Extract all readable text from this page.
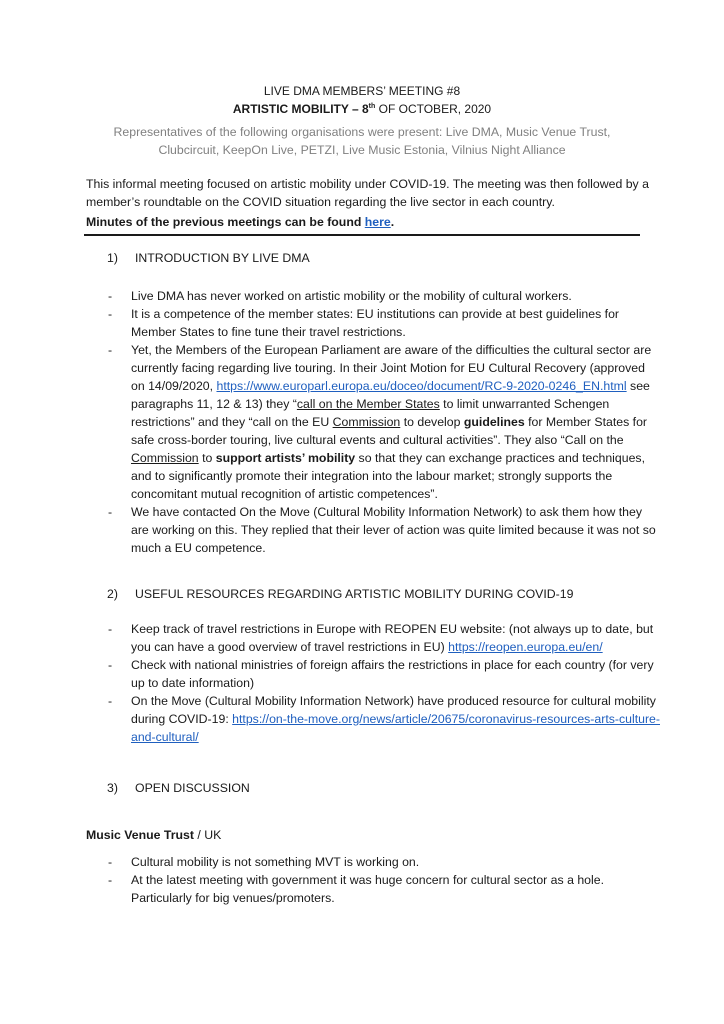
LIVE DMA MEMBERS’ MEETING #8
ARTISTIC MOBILITY – 8th OF OCTOBER, 2020
Representatives of the following organisations were present: Live DMA, Music Venue Trust, Clubcircuit, KeepOn Live, PETZI, Live Music Estonia, Vilnius Night Alliance
This informal meeting focused on artistic mobility under COVID-19. The meeting was then followed by a member’s roundtable on the COVID situation regarding the live sector in each country.
Minutes of the previous meetings can be found here.
1) INTRODUCTION BY LIVE DMA
- Live DMA has never worked on artistic mobility or the mobility of cultural workers.
- It is a competence of the member states: EU institutions can provide at best guidelines for Member States to fine tune their travel restrictions.
- Yet, the Members of the European Parliament are aware of the difficulties the cultural sector are currently facing regarding live touring. In their Joint Motion for EU Cultural Recovery (approved on 14/09/2020, https://www.europarl.europa.eu/doceo/document/RC-9-2020-0246_EN.html see paragraphs 11, 12 & 13) they “call on the Member States to limit unwarranted Schengen restrictions” and they “call on the EU Commission to develop guidelines for Member States for safe cross-border touring, live cultural events and cultural activities”. They also “Call on the Commission to support artists’ mobility so that they can exchange practices and techniques, and to significantly promote their integration into the labour market; strongly supports the concomitant mutual recognition of artistic competences”.
- We have contacted On the Move (Cultural Mobility Information Network) to ask them how they are working on this. They replied that their lever of action was quite limited because it was not so much a EU competence.
2) USEFUL RESOURCES REGARDING ARTISTIC MOBILITY DURING COVID-19
- Keep track of travel restrictions in Europe with REOPEN EU website: (not always up to date, but you can have a good overview of travel restrictions in EU) https://reopen.europa.eu/en/
- Check with national ministries of foreign affairs the restrictions in place for each country (for very up to date information)
- On the Move (Cultural Mobility Information Network) have produced resource for cultural mobility during COVID-19: https://on-the-move.org/news/article/20675/coronavirus-resources-arts-culture-and-cultural/
3) OPEN DISCUSSION
Music Venue Trust / UK
- Cultural mobility is not something MVT is working on.
- At the latest meeting with government it was huge concern for cultural sector as a hole. Particularly for big venues/promoters.
